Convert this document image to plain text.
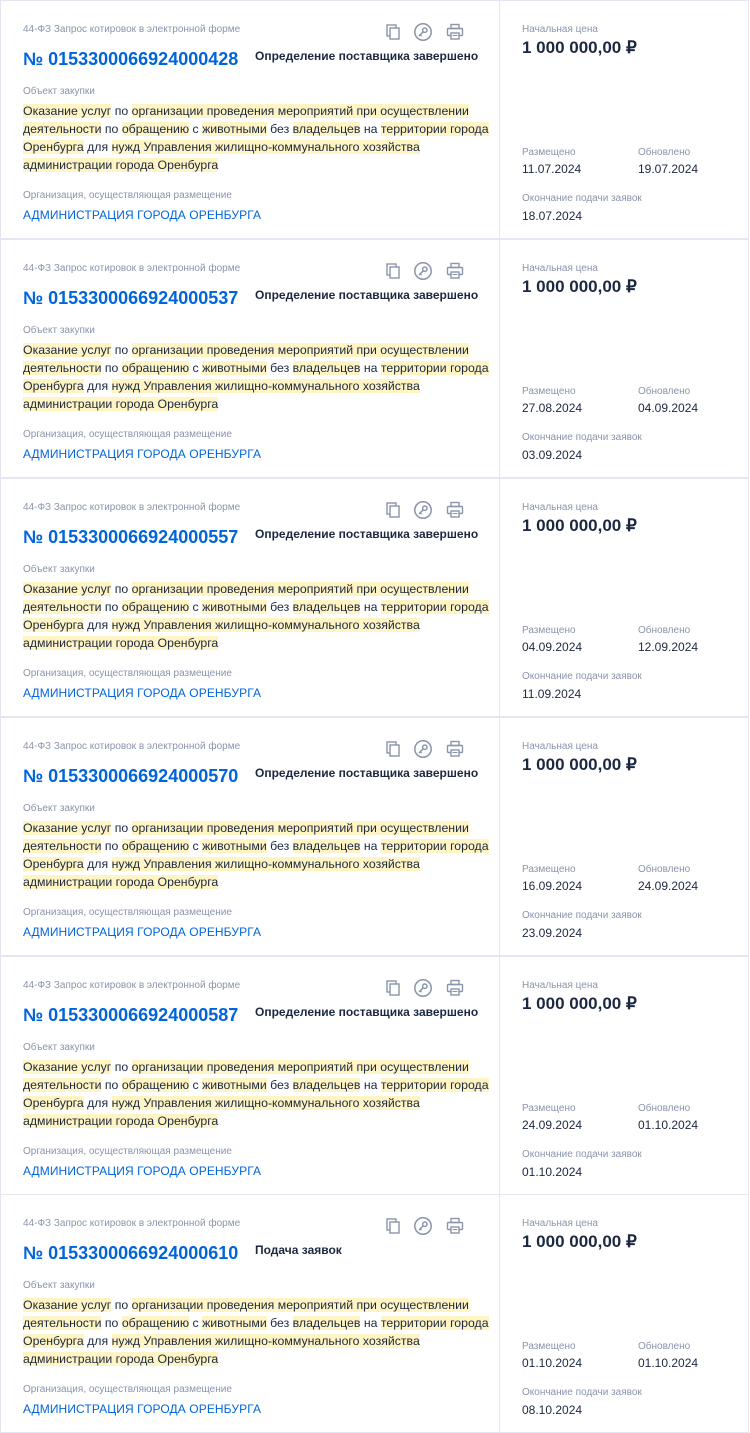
44-ФЗ Запрос котировок в электронной форме
№ 0153300066924000428 Определение поставщика завершено
Объект закупки
Оказание услуг по организации проведения мероприятий при осуществлении деятельности по обращению с животными без владельцев на территории города Оренбурга для нужд Управления жилищно-коммунального хозяйства администрации города Оренбурга
Организация, осуществляющая размещение
АДМИНИСТРАЦИЯ ГОРОДА ОРЕНБУРГА
Начальная цена
1 000 000,00 ₽
Размещено	Обновлено
11.07.2024	19.07.2024
Окончание подачи заявок
18.07.2024
44-ФЗ Запрос котировок в электронной форме
№ 0153300066924000537 Определение поставщика завершено
Объект закупки
Оказание услуг по организации проведения мероприятий при осуществлении деятельности по обращению с животными без владельцев на территории города Оренбурга для нужд Управления жилищно-коммунального хозяйства администрации города Оренбурга
Организация, осуществляющая размещение
АДМИНИСТРАЦИЯ ГОРОДА ОРЕНБУРГА
Начальная цена
1 000 000,00 ₽
Размещено	Обновлено
27.08.2024	04.09.2024
Окончание подачи заявок
03.09.2024
44-ФЗ Запрос котировок в электронной форме
№ 0153300066924000557 Определение поставщика завершено
Объект закупки
Оказание услуг по организации проведения мероприятий при осуществлении деятельности по обращению с животными без владельцев на территории города Оренбурга для нужд Управления жилищно-коммунального хозяйства администрации города Оренбурга
Организация, осуществляющая размещение
АДМИНИСТРАЦИЯ ГОРОДА ОРЕНБУРГА
Начальная цена
1 000 000,00 ₽
Размещено	Обновлено
04.09.2024	12.09.2024
Окончание подачи заявок
11.09.2024
44-ФЗ Запрос котировок в электронной форме
№ 0153300066924000570 Определение поставщика завершено
Объект закупки
Оказание услуг по организации проведения мероприятий при осуществлении деятельности по обращению с животными без владельцев на территории города Оренбурга для нужд Управления жилищно-коммунального хозяйства администрации города Оренбурга
Организация, осуществляющая размещение
АДМИНИСТРАЦИЯ ГОРОДА ОРЕНБУРГА
Начальная цена
1 000 000,00 ₽
Размещено	Обновлено
16.09.2024	24.09.2024
Окончание подачи заявок
23.09.2024
44-ФЗ Запрос котировок в электронной форме
№ 0153300066924000587 Определение поставщика завершено
Объект закупки
Оказание услуг по организации проведения мероприятий при осуществлении деятельности по обращению с животными без владельцев на территории города Оренбурга для нужд Управления жилищно-коммунального хозяйства администрации города Оренбурга
Организация, осуществляющая размещение
АДМИНИСТРАЦИЯ ГОРОДА ОРЕНБУРГА
Начальная цена
1 000 000,00 ₽
Размещено	Обновлено
24.09.2024	01.10.2024
Окончание подачи заявок
01.10.2024
44-ФЗ Запрос котировок в электронной форме
№ 0153300066924000610 Подача заявок
Объект закупки
Оказание услуг по организации проведения мероприятий при осуществлении деятельности по обращению с животными без владельцев на территории города Оренбурга для нужд Управления жилищно-коммунального хозяйства администрации города Оренбурга
Организация, осуществляющая размещение
АДМИНИСТРАЦИЯ ГОРОДА ОРЕНБУРГА
Начальная цена
1 000 000,00 ₽
Размещено	Обновлено
01.10.2024	01.10.2024
Окончание подачи заявок
08.10.2024
